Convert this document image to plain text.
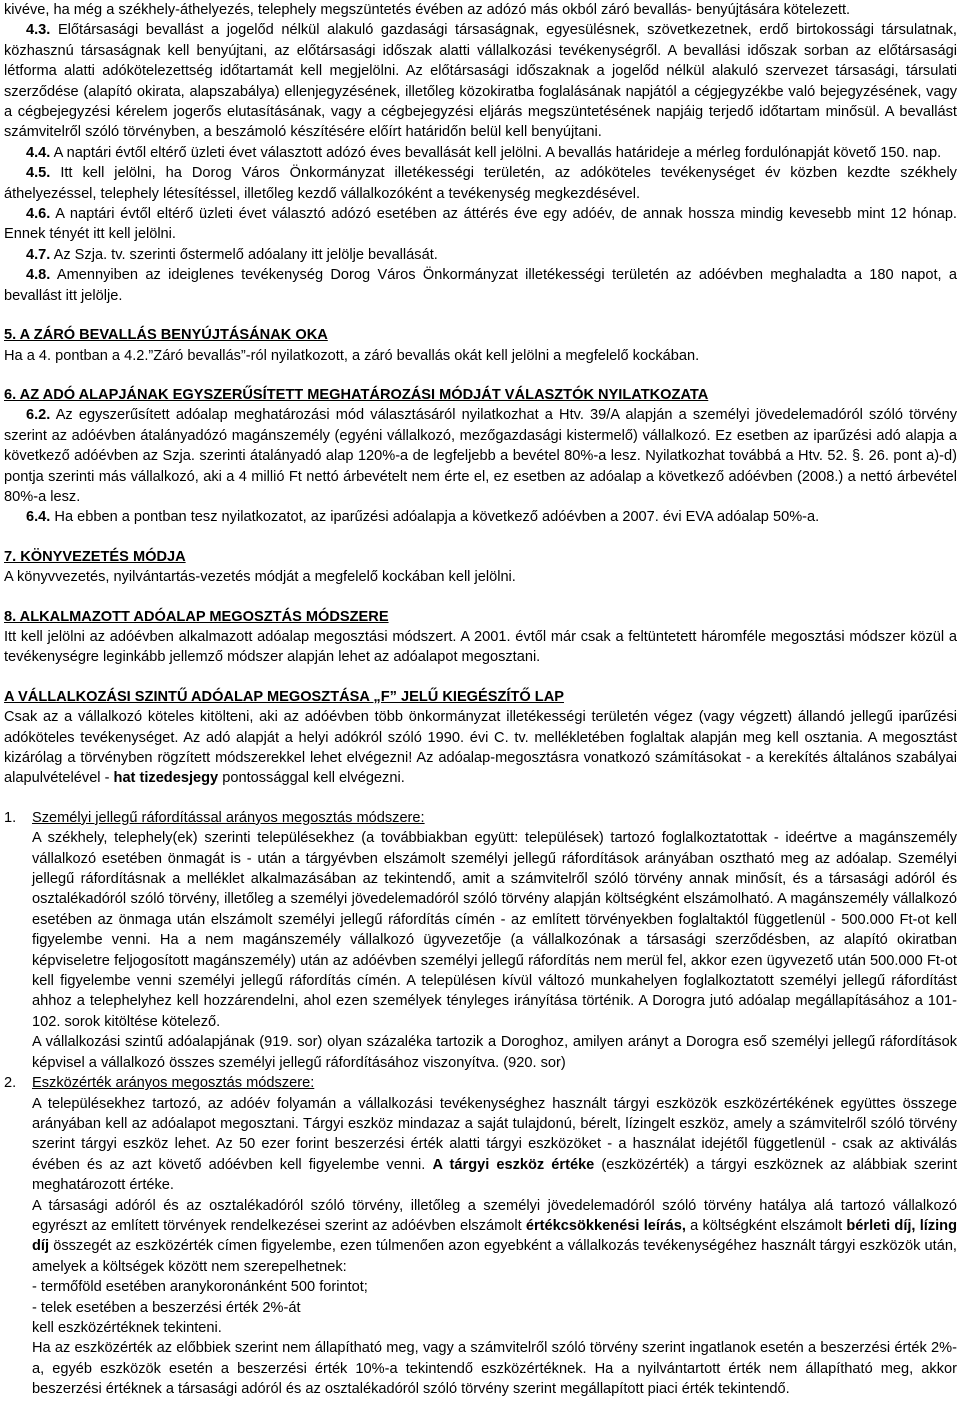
kivéve, ha még a székhely-áthelyezés, telephely megszüntetés évében az adózó más okból záró bevallás- benyújtására kötelezett.

4.3. Előtársasági bevallást a jogelőd nélkül alakuló gazdasági társaságnak, egyesülésnek, szövetkezetnek, erdő birtokossági társulatnak, közhasznú társaságnak kell benyújtani, az előtársasági időszak alatti vállalkozási tevékenységről. A bevallási időszak sorban az előtársasági létforma alatti adókötelezettség időtartamát kell megjelölni. Az előtársasági időszaknak a jogelőd nélkül alakuló szervezet társasági, társulati szerződése (alapító okirata, alapszabálya) ellenjegyzésének, illetőleg közokiratba foglalásának napjától a cégjegyzékbe való bejegyzésének, vagy a cégbejegyzési kérelem jogerős elutasításának, vagy a cégbejegyzési eljárás megszüntetésének napjáig terjedő időtartam minősül. A bevallást számvitelről szóló törvényben, a beszámoló készítésére előírt határidőn belül kell benyújtani.

4.4. A naptári évtől eltérő üzleti évet választott adózó éves bevallását kell jelölni. A bevallás határideje a mérleg fordulónapját követő 150. nap.

4.5. Itt kell jelölni, ha Dorog Város Önkormányzat illetékességi területén, az adóköteles tevékenységet év közben kezdte székhely áthelyezéssel, telephely létesítéssel, illetőleg kezdő vállalkozóként a tevékenység megkezdésével.

4.6. A naptári évtől eltérő üzleti évet választó adózó esetében az áttérés éve egy adóév, de annak hossza mindig kevesebb mint 12 hónap. Ennek tényét itt kell jelölni.

4.7. Az Szja. tv. szerinti őstermelő adóalany itt jelölje bevallását.

4.8. Amennyiben az ideiglenes tevékenység Dorog Város Önkormányzat illetékességi területén az adóévben meghaladta a 180 napot, a bevallást itt jelölje.

5. A ZÁRÓ BEVALLÁS BENYÚJTÁSÁNAK OKA

Ha a 4. pontban a 4.2.”Záró bevallás”-ról nyilatkozott, a záró bevallás okát kell jelölni a megfelelő kockában.

6. AZ ADÓ ALAPJÁNAK EGYSZERŰSÍTETT MEGHATÁROZÁSI MÓDJÁT VÁLASZTÓK NYILATKOZATA

6.2. Az egyszerűsített adóalap meghatározási mód választásáról nyilatkozhat a Htv. 39/A alapján a személyi jövedelemadóról szóló törvény szerint az adóévben átalányadózó magánszemély (egyéni vállalkozó, mezőgazdasági kistermelő) vállalkozó. Ez esetben az iparűzési adó alapja a következő adóévben az Szja. szerinti átalányadó alap 120%-a de legfeljebb a bevétel 80%-a lesz. Nyilatkozhat továbbá a Htv. 52. §. 26. pont a)-d) pontja szerinti más vállalkozó, aki a 4 millió Ft nettó árbevételt nem érte el, ez esetben az adóalap a következő adóévben (2008.) a nettó árbevétel 80%-a lesz.

6.4. Ha ebben a pontban tesz nyilatkozatot, az iparűzési adóalapja a következő adóévben a 2007. évi EVA adóalap 50%-a.

7. KÖNYVEZETÉS MÓDJA

A könyvvezetés, nyilvántartás-vezetés módját a megfelelő kockában kell jelölni.

8. ALKALMAZOTT ADÓALAP MEGOSZTÁS MÓDSZERE

Itt kell jelölni az adóévben alkalmazott adóalap megosztási módszert. A 2001. évtől már csak a feltüntetett háromféle megosztási módszer közül a tevékenységre leginkább jellemző módszer alapján lehet az adóalapot megosztani.

A VÁLLALKOZÁSI SZINTŰ ADÓALAP MEGOSZTÁSA „F” JELŰ KIEGÉSZÍTŐ LAP

Csak az a vállalkozó köteles kitölteni, aki az adóévben több önkormányzat illetékességi területén végez (vagy végzett) állandó jellegű iparűzési adóköteles tevékenységet. Az adó alapját a helyi adókról szóló 1990. évi C. tv. mellékletében foglaltak alapján meg kell osztania. A megosztást kizárólag a törvényben rögzített módszerekkel lehet elvégezni! Az adóalap-megosztásra vonatkozó számításokat - a kerekítés általános szabályai alapulvételével - hat tizedesjegy pontossággal kell elvégezni.

1.	Személyi jellegű ráfordítással arányos megosztás módszere:

A székhely, telephely(ek) szerinti településekhez (a továbbiakban együtt: települések) tartozó foglalkoztatottak - ideértve a magánszemély vállalkozó esetében önmagát is - után a tárgyévben elszámolt személyi jellegű ráfordítások arányában osztható meg az adóalap. Személyi jellegű ráfordításnak a melléklet alkalmazásában az tekintendő, amit a számvitelről szóló törvény annak minősít, és a társasági adóról és osztalékadóról szóló törvény, illetőleg a személyi jövedelemadóról szóló törvény alapján költségként elszámolható. A magánszemély vállalkozó esetében az önmaga után elszámolt személyi jellegű ráfordítás címén - az említett törvényekben foglaltaktól függetlenül - 500.000 Ft-ot kell figyelembe venni. Ha a nem magánszemély vállalkozó ügyvezetője (a vállalkozónak a társasági szerződésben, az alapító okiratban képviseletre feljogosított magánszemély) után az adóévben személyi jellegű ráfordítás nem merül fel, akkor ezen ügyvezető után 500.000 Ft-ot kell figyelembe venni személyi jellegű ráfordítás címén. A településen kívül változó munkahelyen foglalkoztatott személyi jellegű ráfordítást ahhoz a telephelyhez kell hozzárendelni, ahol ezen személyek tényleges irányítása történik. A Dorogra jutó adóalap megállapításához a 101-102. sorok kitöltése kötelező.

A vállalkozási szintű adóalapjának (919. sor) olyan százaléka tartozik a Doroghoz, amilyen arányt a Dorogra eső személyi jellegű ráfordítások képvisel a vállalkozó összes személyi jellegű ráfordításához viszonyítva. (920. sor)

2.	Eszközérték arányos megosztás módszere:

A településekhez tartozó, az adóév folyamán a vállalkozási tevékenységhez használt tárgyi eszközök eszközértékének együttes összege arányában kell az adóalapot megosztani. Tárgyi eszköz mindazaz a saját tulajdonú, bérelt, lízingelt eszköz, amely a számvitelről szóló törvény szerint tárgyi eszköz lehet. Az 50 ezer forint beszerzési érték alatti tárgyi eszközöket - a használat idejétől függetlenül - csak az aktiválás évében és az azt követő adóévben kell figyelembe venni. A tárgyi eszköz értéke (eszközérték) a tárgyi eszköznek az alábbiak szerint meghatározott értéke.

A társasági adóról és az osztalékadóról szóló törvény, illetőleg a személyi jövedelemadóról szóló törvény hatálya alá tartozó vállalkozó egyrészt az említett törvények rendelkezései szerint az adóévben elszámolt értékcsökkenési leírás, a költségként elszámolt bérleti díj, lízing díj összegét az eszközérték címen figyelembe, ezen túlmenően azon egyebként a vállalkozás tevékenységéhez használt tárgyi eszközök után, amelyek a költségek között nem szerepelhetnek:

- termőföld esetében aranykoronánként 500 forintot;

- telek esetében a beszerzési érték 2%-át

kell eszközértéknek tekinteni.

Ha az eszközérték az előbbiek szerint nem állapítható meg, vagy a számvitelről szóló törvény szerint ingatlanok esetén a beszerzési érték 2%-a, egyéb eszközök esetén a beszerzési érték 10%-a tekintendő eszközértéknek. Ha a nyilvántartott érték nem állapítható meg, akkor beszerzési értéknek a társasági adóról és az osztalékadóról szóló törvény szerint megállapított piaci érték tekintendő.
